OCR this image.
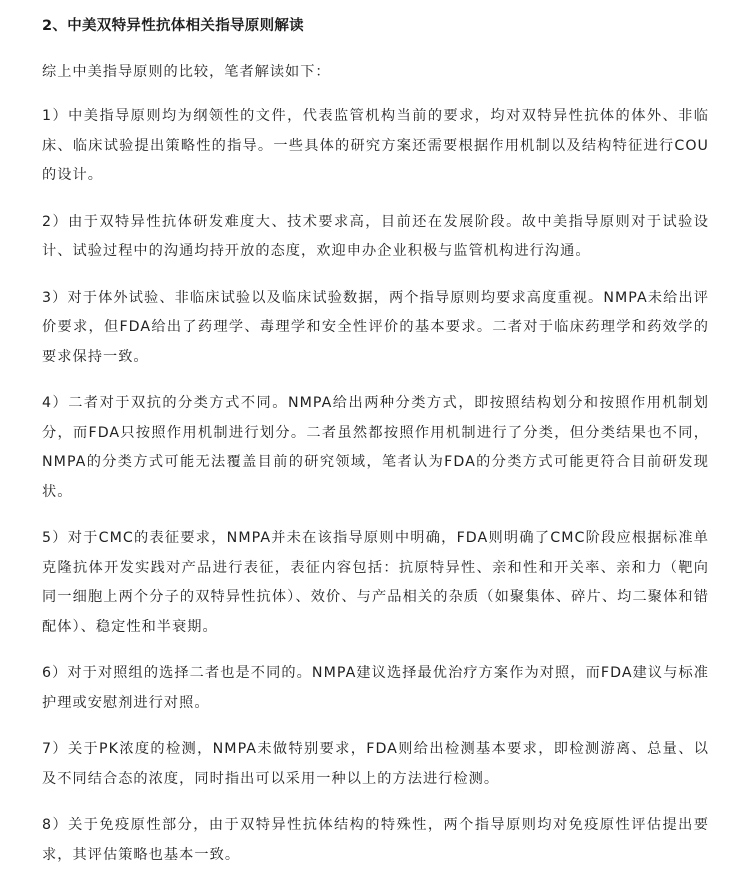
2、中美双特异性抗体相关指导原则解读
综上中美指导原则的比较，笔者解读如下：

1）中美指导原则均为纲领性的文件，代表监管机构当前的要求，均对双特异性抗体的体外、非临床、临床试验提出策略性的指导。一些具体的研究方案还需要根据作用机制以及结构特征进行COU的设计。

2）由于双特异性抗体研发难度大、技术要求高，目前还在发展阶段。故中美指导原则对于试验设计、试验过程中的沟通均持开放的态度，欢迎申办企业积极与监管机构进行沟通。

3）对于体外试验、非临床试验以及临床试验数据，两个指导原则均要求高度重视。NMPA未给出评价要求，但FDA给出了药理学、毒理学和安全性评价的基本要求。二者对于临床药理学和药效学的要求保持一致。

4）二者对于双抗的分类方式不同。NMPA给出两种分类方式，即按照结构划分和按照作用机制划分，而FDA只按照作用机制进行划分。二者虽然都按照作用机制进行了分类，但分类结果也不同，NMPA的分类方式可能无法覆盖目前的研究领域，笔者认为FDA的分类方式可能更符合目前研发现状。

5）对于CMC的表征要求，NMPA并未在该指导原则中明确，FDA则明确了CMC阶段应根据标准单克隆抗体开发实践对产品进行表征，表征内容包括：抗原特异性、亲和性和开关率、亲和力（靶向同一细胞上两个分子的双特异性抗体）、效价、与产品相关的杂质（如聚集体、碎片、均二聚体和错配体）、稳定性和半衰期。

6）对于对照组的选择二者也是不同的。NMPA建议选择最优治疗方案作为对照，而FDA建议与标准护理或安慰剂进行对照。

7）关于PK浓度的检测，NMPA未做特别要求，FDA则给出检测基本要求，即检测游离、总量、以及不同结合态的浓度，同时指出可以采用一种以上的方法进行检测。

8）关于免疫原性部分，由于双特异性抗体结构的特殊性，两个指导原则均对免疫原性评估提出要求，其评估策略也基本一致。
